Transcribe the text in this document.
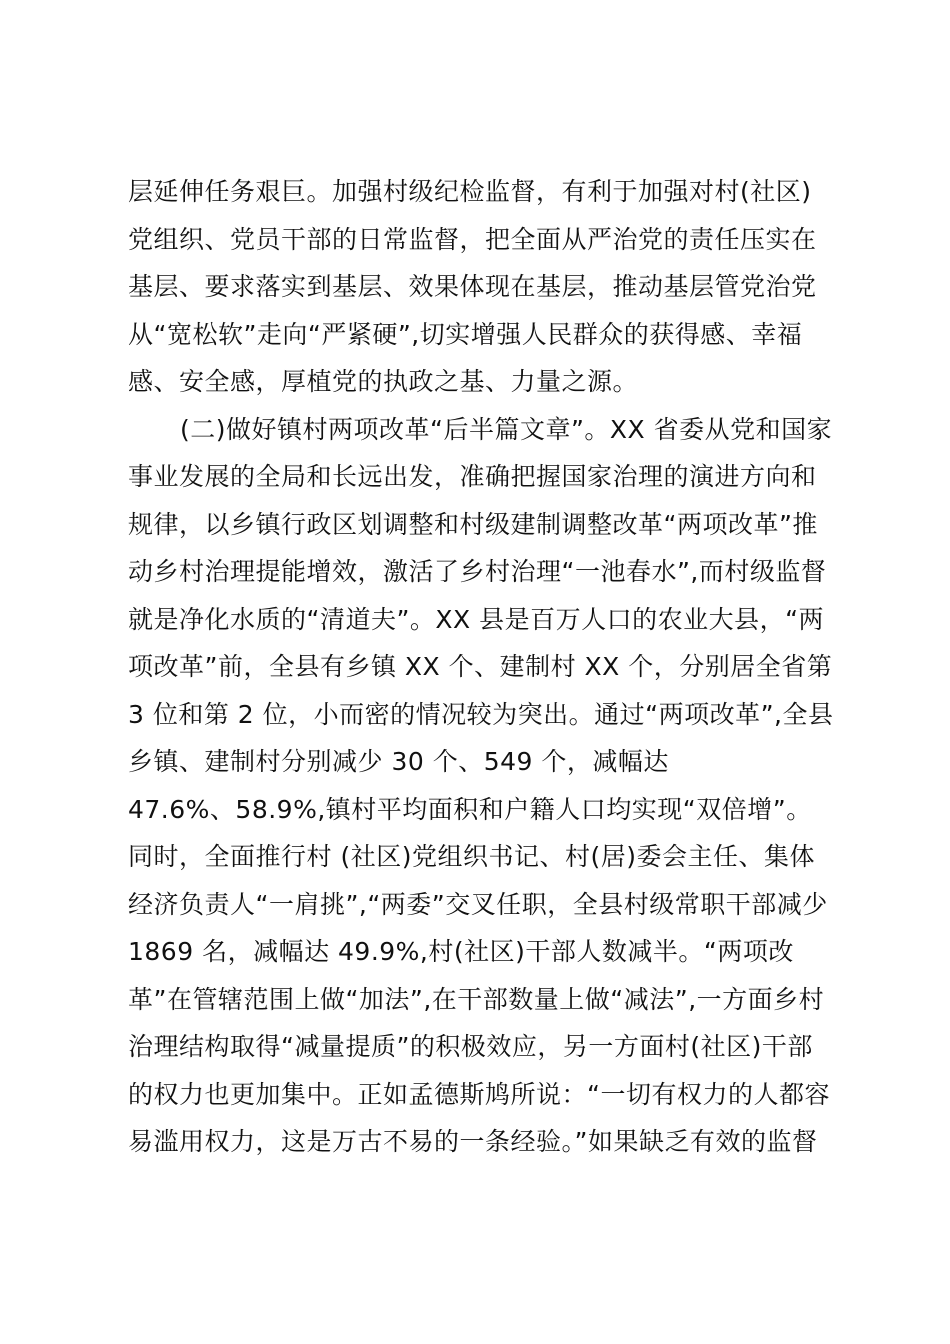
层延伸任务艰巨。加强村级纪检监督，有利于加强对村(社区)
党组织、党员干部的日常监督，把全面从严治党的责任压实在
基层、要求落实到基层、效果体现在基层，推动基层管党治党
从“宽松软”走向“严紧硬”,切实增强人民群众的获得感、幸福
感、安全感，厚植党的执政之基、力量之源。
(二)做好镇村两项改革“后半篇文章”。XX 省委从党和国家
事业发展的全局和长远出发，准确把握国家治理的演进方向和
规律，以乡镇行政区划调整和村级建制调整改革“两项改革”推
动乡村治理提能增效，激活了乡村治理“一池春水”,而村级监督
就是净化水质的“清道夫”。XX 县是百万人口的农业大县，“两
项改革”前，全县有乡镇 XX 个、建制村 XX 个，分别居全省第
3 位和第 2 位，小而密的情况较为突出。通过“两项改革”,全县
乡镇、建制村分别减少 30 个、549 个，减幅达
47.6%、58.9%,镇村平均面积和户籍人口均实现“双倍增”。
同时，全面推行村 (社区)党组织书记、村(居)委会主任、集体
经济负责人“一肩挑”,“两委”交叉任职，全县村级常职干部减少
1869 名，减幅达 49.9%,村(社区)干部人数减半。“两项改
革”在管辖范围上做“加法”,在干部数量上做“减法”,一方面乡村
治理结构取得“减量提质”的积极效应，另一方面村(社区)干部
的权力也更加集中。正如孟德斯鸠所说：“一切有权力的人都容
易滥用权力，这是万古不易的一条经验。”如果缺乏有效的监督
